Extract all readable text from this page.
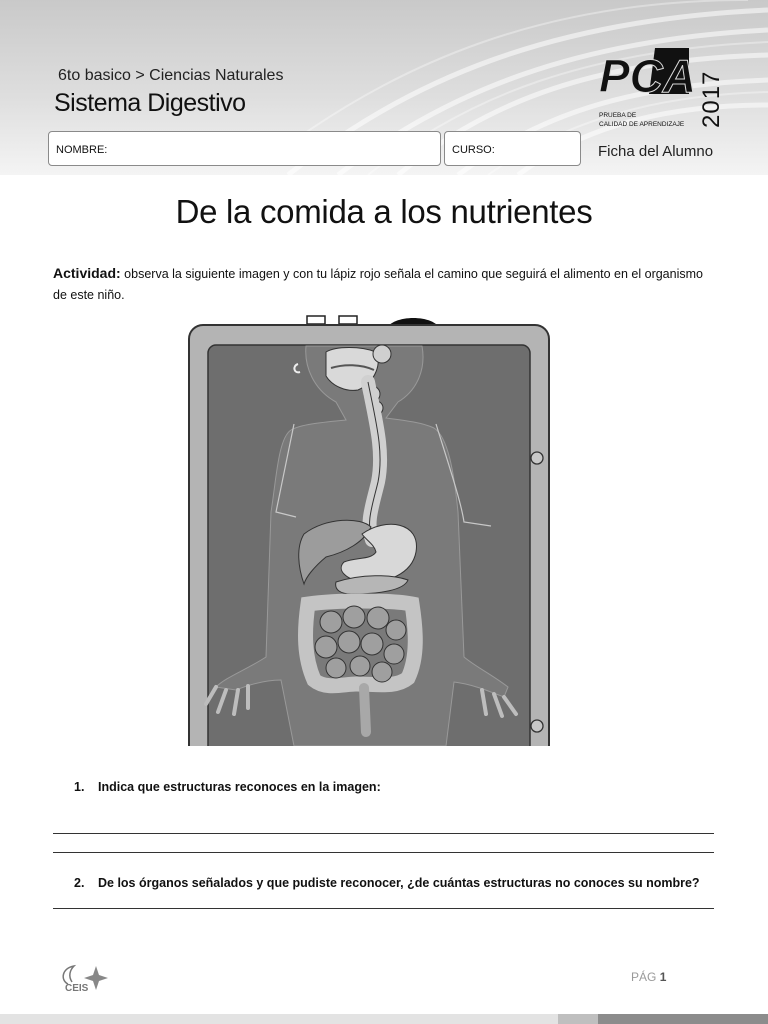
6to basico > Ciencias Naturales
Sistema Digestivo
NOMBRE:	CURSO:
PCA
PRUEBA DE
CALIDAD DE APRENDIZAJE 2017
Ficha del Alumno
De la comida a los nutrientes
Actividad: observa la siguiente imagen y con tu lápiz rojo señala el camino que seguirá el alimento en el organismo de este niño.
1. Indica que estructuras reconoces en la imagen:
2. De los órganos señalados y que pudiste reconocer, ¿de cuántas estructuras no conoces su nombre?
CEIS
PÁG 1
